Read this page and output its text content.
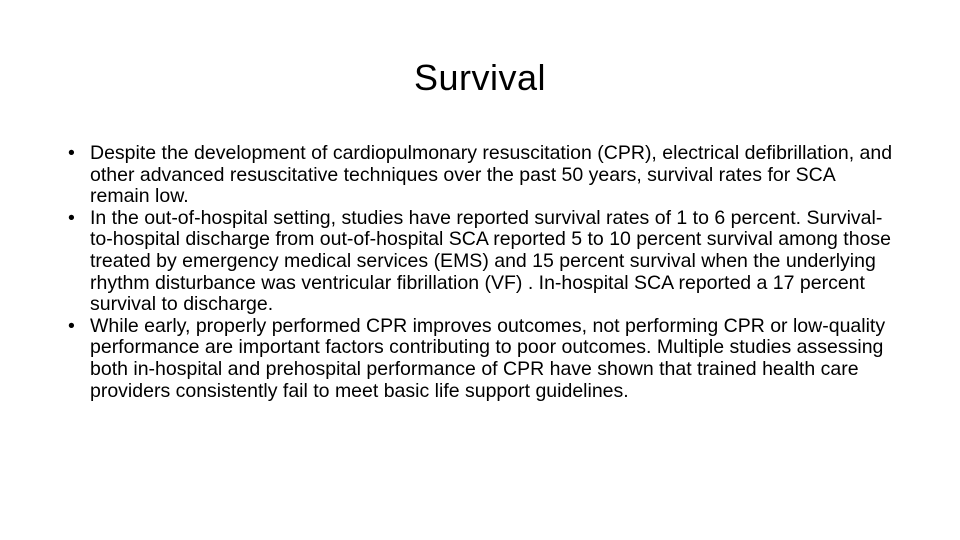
Survival
• Despite the development of cardiopulmonary resuscitation (CPR), electrical defibrillation, and other advanced resuscitative techniques over the past 50 years, survival rates for SCA remain low.
• In the out-of-hospital setting, studies have reported survival rates of 1 to 6 percent. Survival-to-hospital discharge from out-of-hospital SCA reported 5 to 10 percent survival among those treated by emergency medical services (EMS) and 15 percent survival when the underlying rhythm disturbance was ventricular fibrillation (VF) . In-hospital SCA reported a 17 percent survival to discharge.
• While early, properly performed CPR improves outcomes, not performing CPR or low-quality performance are important factors contributing to poor outcomes. Multiple studies assessing both in-hospital and prehospital performance of CPR have shown that trained health care providers consistently fail to meet basic life support guidelines.
